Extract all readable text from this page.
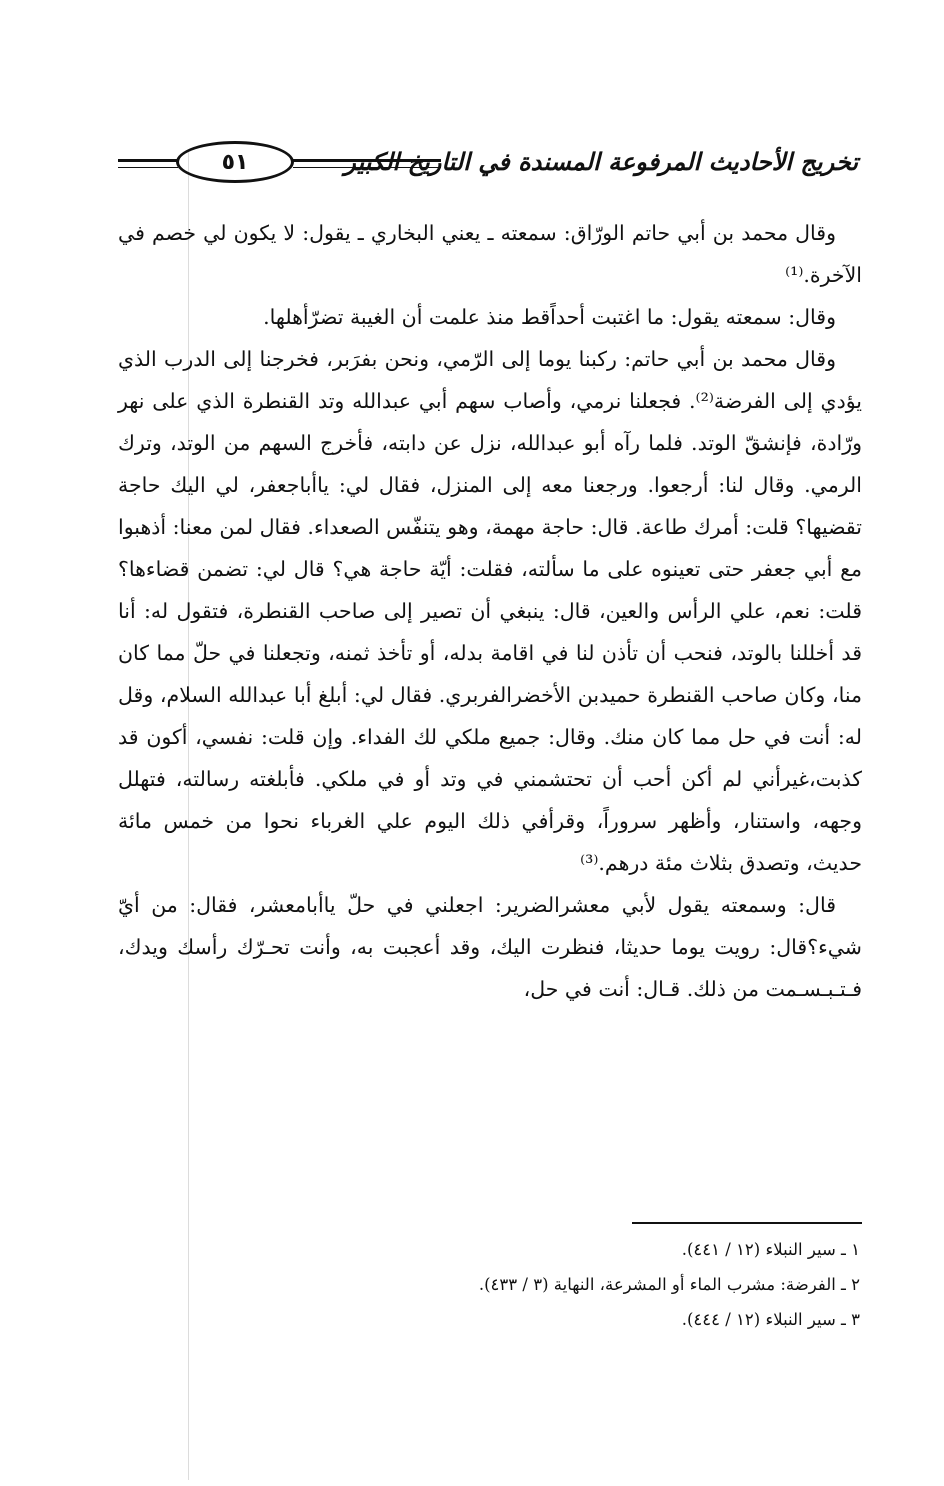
٥١	تخريج الأحاديث المرفوعة المسندة في التاريخ الكبير

وقال محمد بن أبي حاتم الورّاق: سمعته ـ يعني البخاري ـ يقول: لا يكون لي خصم في الآخرة.⁽¹⁾

وقال: سمعته يقول: ما اغتبت أحداًقط منذ علمت أن الغيبة تضرّأهلها.

وقال محمد بن أبي حاتم: ركبنا يوما إلى الرّمي، ونحن بفرَبر، فخرجنا إلى الدرب الذي يؤدي إلى الفرضة⁽²⁾. فجعلنا نرمي، وأصاب سهم أبي عبدالله وتد القنطرة الذي على نهر ورّادة، فإنشقّ الوتد. فلما رآه أبو عبدالله، نزل عن دابته، فأخرج السهم من الوتد، وترك الرمي. وقال لنا: أرجعوا. ورجعنا معه إلى المنزل، فقال لي: ياأباجعفر، لي اليك حاجة تقضيها؟ قلت: أمرك طاعة. قال: حاجة مهمة، وهو يتنفّس الصعداء. فقال لمن معنا: أذهبوا مع أبي جعفر حتى تعينوه على ما سألته، فقلت: أيّة حاجة هي؟ قال لي: تضمن قضاءها؟قلت: نعم، علي الرأس والعين، قال: ينبغي أن تصير إلى صاحب القنطرة، فتقول له: أنا قد أخللنا بالوتد، فنحب أن تأذن لنا في اقامة بدله، أو تأخذ ثمنه، وتجعلنا في حلّ مما كان منا، وكان صاحب القنطرة حميدبن الأخضرالفربري. فقال لي: أبلغ أبا عبدالله السلام، وقل له: أنت في حل مما كان منك. وقال: جميع ملكي لك الفداء. وإن قلت: نفسي، أكون قد كذبت،غيرأني لم أكن أحب أن تحتشمني في وتد أو في ملكي. فأبلغته رسالته، فتهلل وجهه، واستنار، وأظهر سروراً، وقرأفي ذلك اليوم علي الغرباء نحوا من خمس مائة حديث، وتصدق بثلاث مئة درهم.⁽³⁾

قال: وسمعته يقول لأبي معشرالضرير: اجعلني في حلّ ياأبامعشر، فقال: من أيّ شيء؟قال: رويت يوما حديثا، فنظرت اليك، وقد أعجبت به، وأنت تحـرّك رأسك ويدك، فـتـبـسـمت من ذلك. قـال: أنت في حل،

١ ـ سير النبلاء (١٢ / ٤٤١).
٢ ـ الفرضة: مشرب الماء أو المشرعة، النهاية (٣ / ٤٣٣).
٣ ـ سير النبلاء (١٢ / ٤٤٤).
